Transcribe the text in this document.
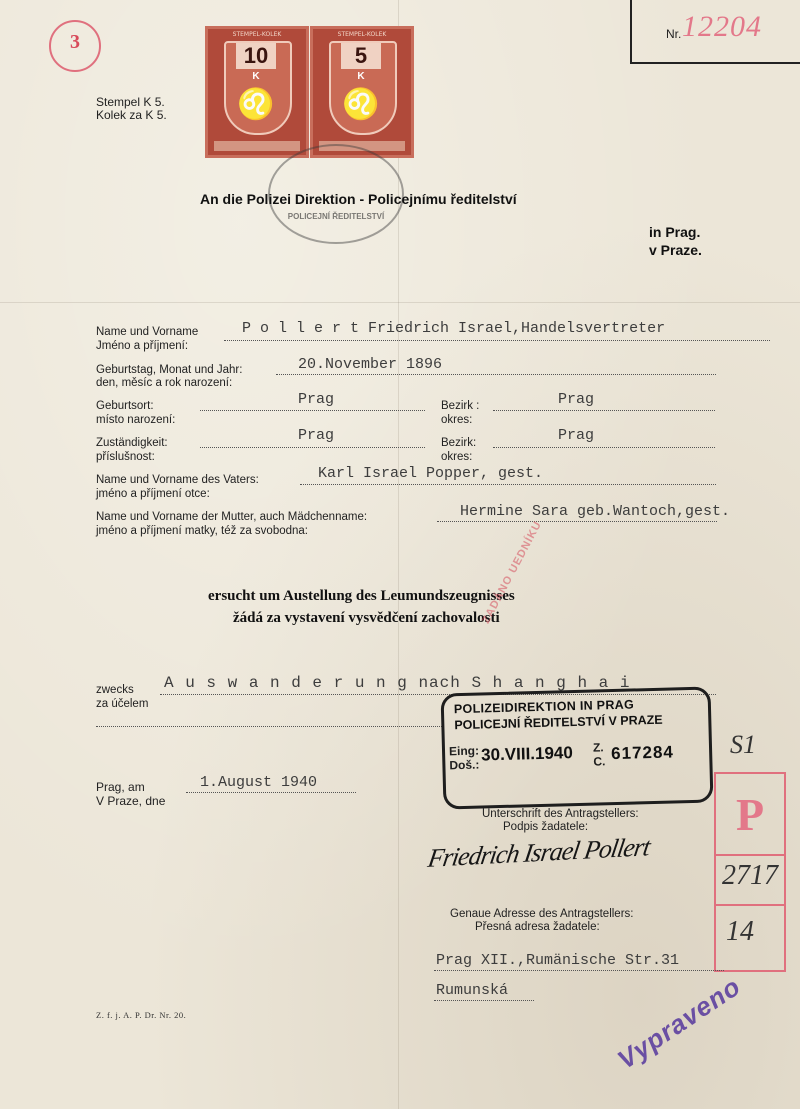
3	Nr. 12204
Stempel K 5.
Kolek za K 5.
STEMPEL-KOLEK
10
K
♌
STEMPEL-KOLEK
5
K
♌
POLICEJNÍ ŘEDITELSTVÍ
An die Polizei Direktion - Policejnímu ředitelství
in Prag.
v Praze.
Name und Vorname
Jméno a příjmení:
P o l l e r t Friedrich Israel,Handelsvertreter
Geburtstag, Monat und Jahr:
den, měsíc a rok narození:
20.November 1896
Geburtsort:
místo narození:
Prag	Bezirk :
okres:
Prag
Zuständigkeit:
příslušnost:
Prag	Bezirk:
okres:
Prag
Name und Vorname des Vaters:
jméno a příjmení otce:
Karl Israel Popper, gest.
Name und Vorname der Mutter, auch Mädchenname:
jméno a příjmení matky, též za svobodna:
Hermine Sara geb.Wantoch,gest.
ersucht um Austellung des Leumundszeugnisses
žádá za vystavení vysvědčení zachovalosti
ZADÁNO UEDNÍKU
zwecks
za účelem
A u s w a n d e r u n g nach S h a n g h a i
POLIZEIDIREKTION IN PRAG
POLICEJNÍ ŘEDITELSTVÍ V PRAZE
Eing:
Doš.:
30.VIII.1940 Z.
C. 617284 S1
Prag, am
V Praze, dne
1.August 1940
P
2717
14
Unterschrift des Antragstellers:
Podpis žadatele:
Friedrich Israel Pollert
Genaue Adresse des Antragstellers:
Přesná adresa žadatele:
Prag XII.,Rumänische Str.31
Rumunská	Vypraveno
Z. f. j. A. P. Dr. Nr. 20.
